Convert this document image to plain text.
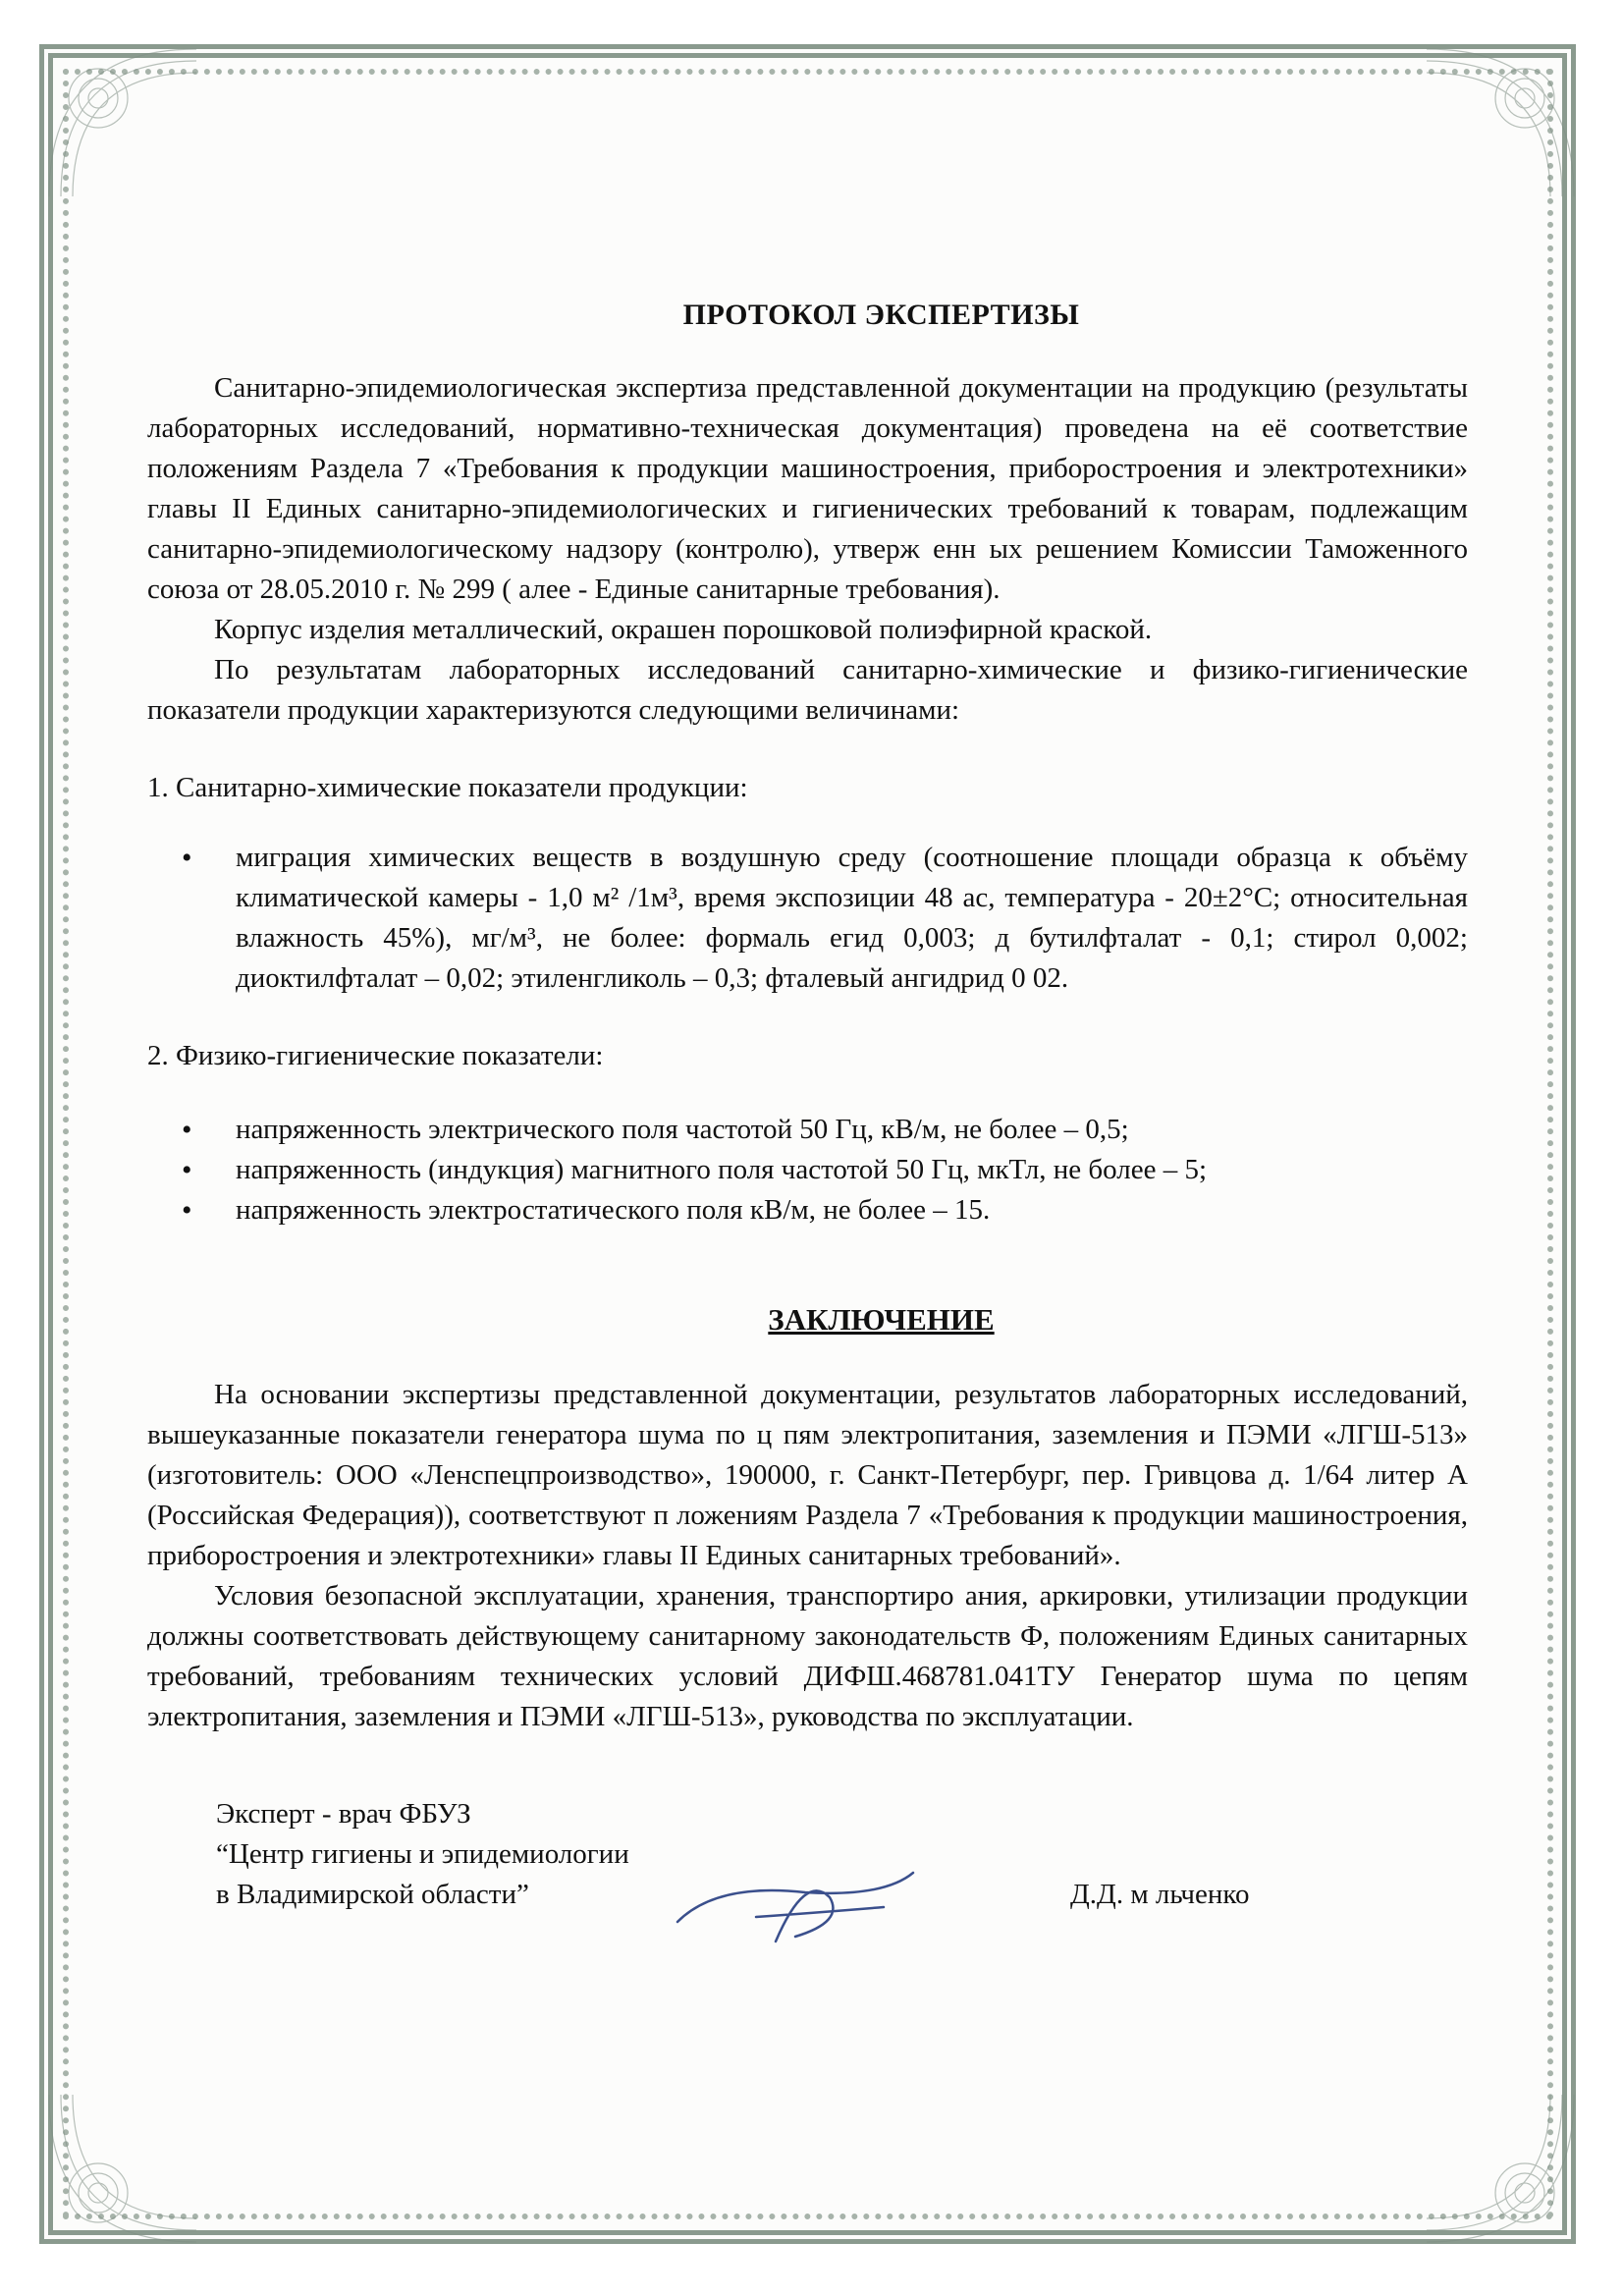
ПРОТОКОЛ ЭКСПЕРТИЗЫ

Санитарно-эпидемиологическая экспертиза представленной документации на продукцию (результаты лабораторных исследований, нормативно-техническая документация) проведена на её соответствие положениям Раздела 7 «Требования к продукции машиностроения, приборостроения и электротехники» главы II Единых санитарно-эпидемиологических и гигиенических требований к товарам, подлежащим санитарно-эпидемиологическому надзору (контролю), утверж енн ых решением Комиссии Таможенного союза от 28.05.2010 г. № 299 ( алее - Единые санитарные требования).

Корпус изделия металлический, окрашен порошковой полиэфирной краской.

По результатам лабораторных исследований санитарно-химические и физико-гигиенические показатели продукции характеризуются следующими величинами:

1. Санитарно-химические показатели продукции:

• миграция химических веществ в воздушную среду (соотношение площади образца к объёму климатической камеры - 1,0 м² /1м³, время экспозиции 48 ас, температура - 20±2°С; относительная влажность 45%), мг/м³, не более: формаль егид 0,003; д бутилфталат - 0,1; стирол 0,002; диоктилфталат – 0,02; этиленгликоль – 0,3; фталевый ангидрид 0 02.

2. Физико-гигиенические показатели:

• напряженность электрического поля частотой 50 Гц, кВ/м, не более – 0,5;
• напряженность (индукция) магнитного поля частотой 50 Гц, мкТл, не более – 5;
• напряженность электростатического поля кВ/м, не более – 15.
ЗАКЛЮЧЕНИЕ

На основании экспертизы представленной документации, результатов лабораторных исследований, вышеуказанные показатели генератора шума по ц пям электропитания, заземления и ПЭМИ «ЛГШ-513» (изготовитель: ООО «Ленспецпроизводство», 190000, г. Санкт-Петербург, пер. Гривцова д. 1/64 литер А (Российская Федерация)), соответствуют п ложениям Раздела 7 «Требования к продукции машиностроения, приборостроения и электротехники» главы II Единых санитарных требований».

Условия безопасной эксплуатации, хранения, транспортиро ания, аркировки, утилизации продукции должны соответствовать действующему санитарному законодательств Ф, положениям Единых санитарных требований, требованиям технических условий ДИФШ.468781.041ТУ Генератор шума по цепям электропитания, заземления и ПЭМИ «ЛГШ-513», руководства по эксплуатации.

Эксперт - врач ФБУЗ
“Центр гигиены и эпидемиологии
в Владимирской области”	Д.Д. м льченко
